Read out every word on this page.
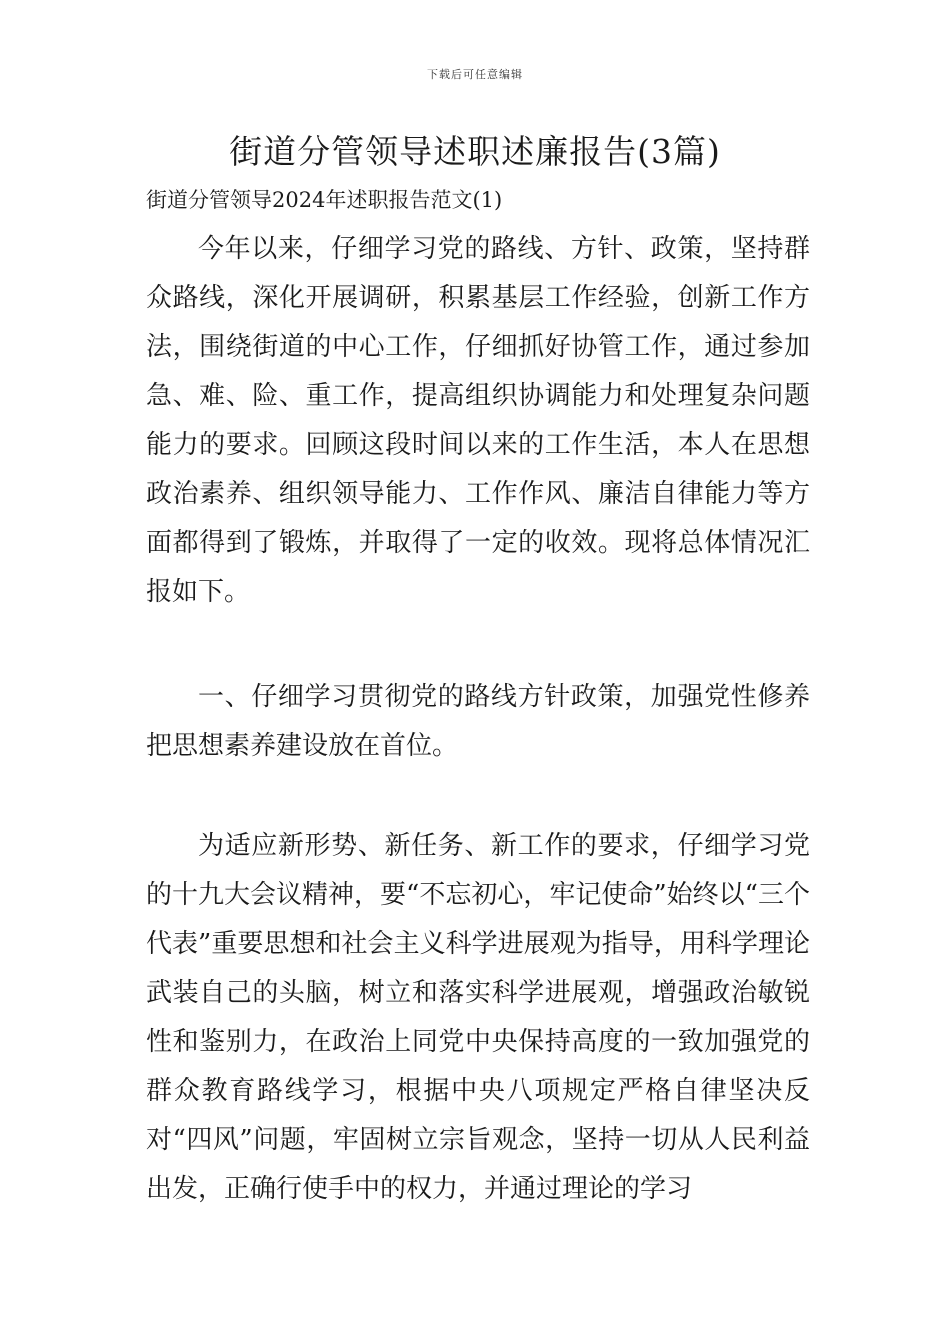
下载后可任意编辑
街道分管领导述职述廉报告(3篇)
街道分管领导2024年述职报告范文(1)

今年以来，仔细学习党的路线、方针、政策，坚持群众路线，深化开展调研，积累基层工作经验，创新工作方法，围绕街道的中心工作，仔细抓好协管工作，通过参加急、难、险、重工作，提高组织协调能力和处理复杂问题能力的要求。回顾这段时间以来的工作生活，本人在思想政治素养、组织领导能力、工作作风、廉洁自律能力等方面都得到了锻炼，并取得了一定的收效。现将总体情况汇报如下。

一、仔细学习贯彻党的路线方针政策，加强党性修养把思想素养建设放在首位。

为适应新形势、新任务、新工作的要求，仔细学习党的十九大会议精神，要“不忘初心，牢记使命”始终以“三个代表”重要思想和社会主义科学进展观为指导，用科学理论武装自己的头脑，树立和落实科学进展观，增强政治敏锐性和鉴别力，在政治上同党中央保持高度的一致加强党的群众教育路线学习，根据中央八项规定严格自律坚决反对“四风”问题，牢固树立宗旨观念，坚持一切从人民利益出发，正确行使手中的权力，并通过理论的学习
